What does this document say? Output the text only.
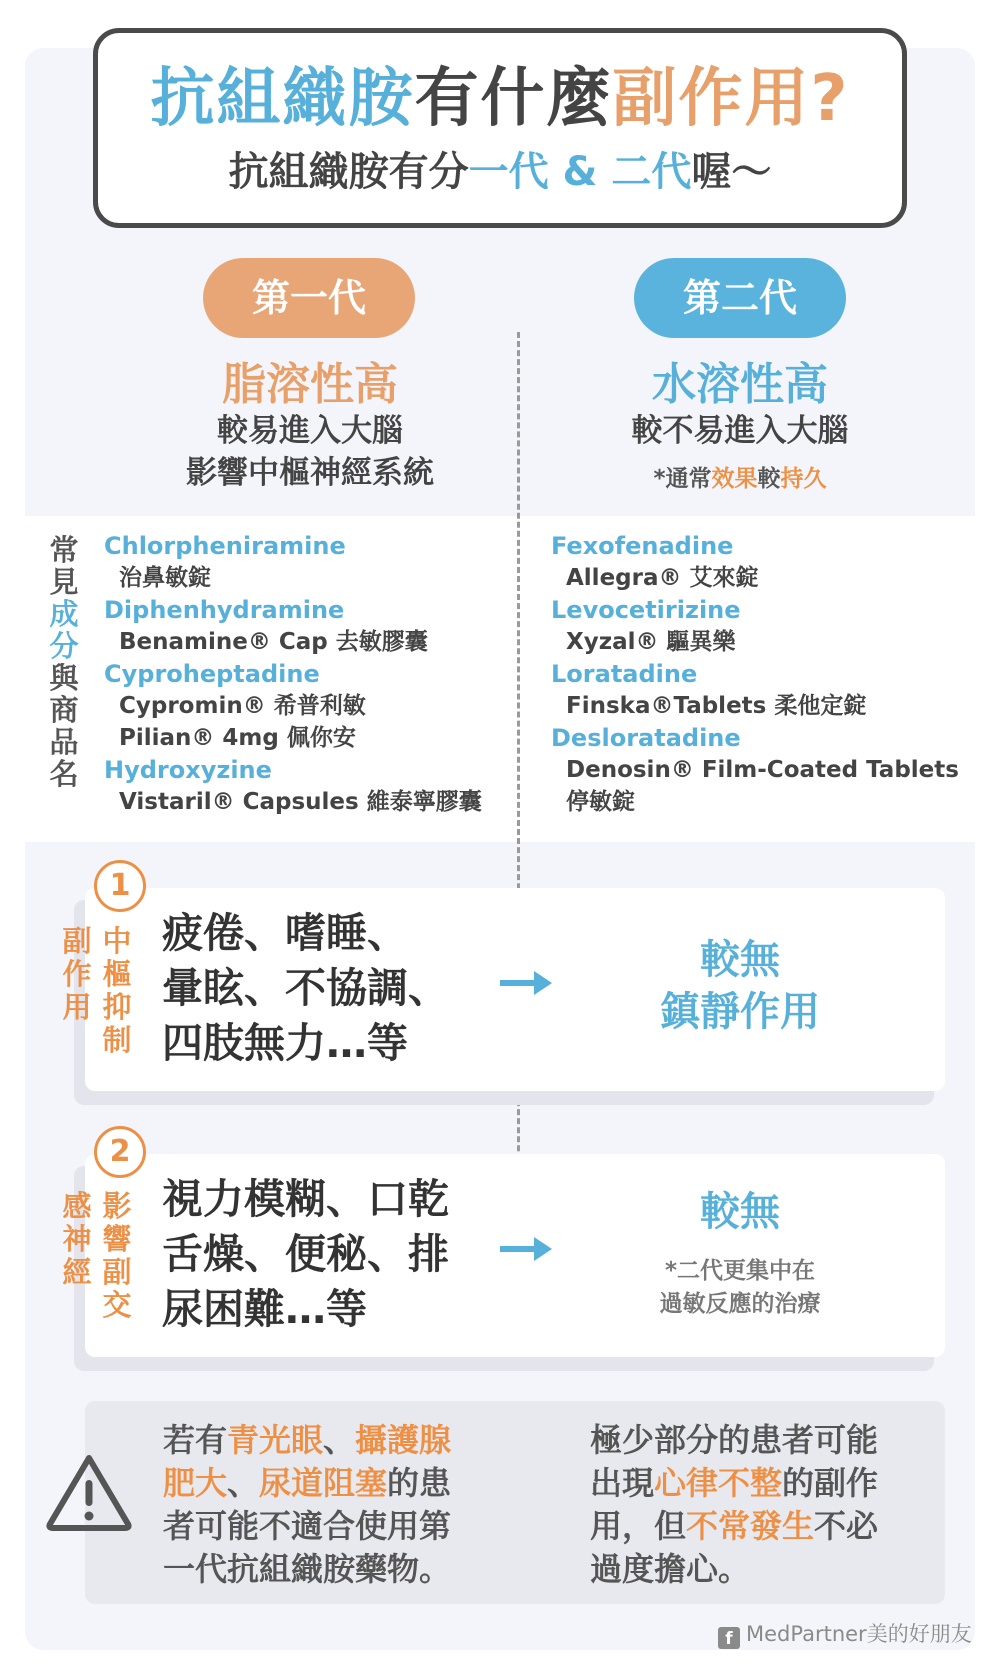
抗組織胺有什麼副作用?
抗組織胺有分一代 & 二代喔～
第一代	第二代
脂溶性高	水溶性高
較易進入大腦
影響中樞神經系統
較不易進入大腦
*通常效果較持久
常
見
成
分
與
商
品
名
Chlorpheniramine
治鼻敏錠
Diphenhydramine
Benamine® Cap 去敏膠囊
Cyproheptadine
Cypromin® 希普利敏
Pilian® 4mg 佩你安
Hydroxyzine
Vistaril® Capsules 維泰寧膠囊
Fexofenadine
Allegra® 艾來錠
Levocetirizine
Xyzal® 驅異樂
Loratadine
Finska®Tablets 柔他定錠
Desloratadine
Denosin® Film-Coated Tablets
停敏錠
1
副
作
用
中
樞
抑
制
疲倦、嗜睡、
暈眩、不協調、
四肢無力…等
較無
鎮靜作用
2
感
神
經
影
響
副
交
視力模糊、口乾
舌燥、便秘、排
尿困難…等
較無
*二代更集中在
過敏反應的治療
若有青光眼、攝護腺
肥大、尿道阻塞的患
者可能不適合使用第
一代抗組織胺藥物。
極少部分的患者可能
出現心律不整的副作
用，但不常發生不必
過度擔心。
f MedPartner美的好朋友
